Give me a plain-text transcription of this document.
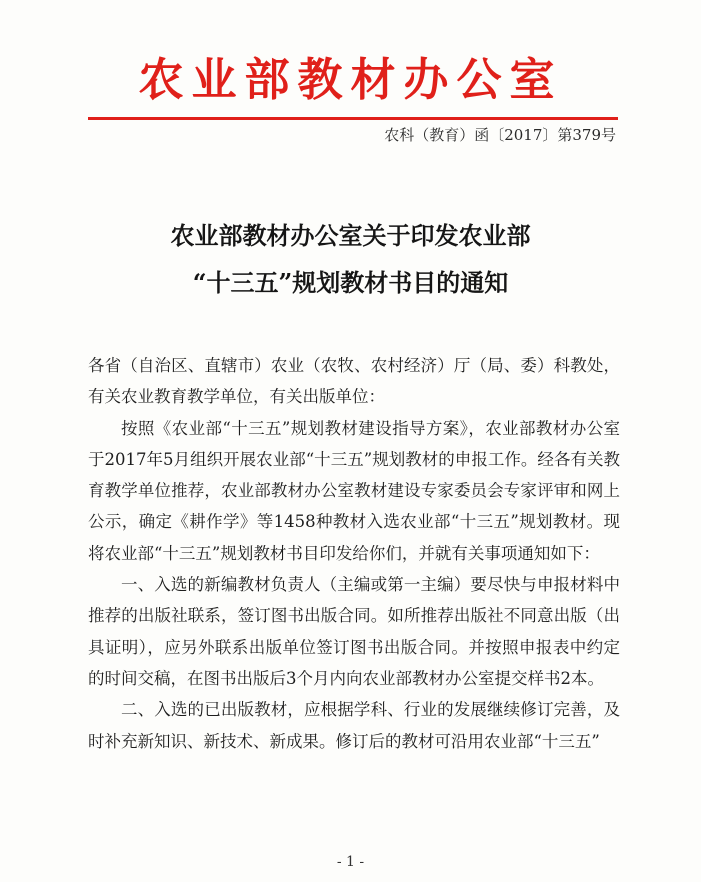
农业部教材办公室
农科（教育）函〔2017〕第379号
农业部教材办公室关于印发农业部
“十三五”规划教材书目的通知

各省（自治区、直辖市）农业（农牧、农村经济）厅（局、委）科教处，有关农业教育教学单位，有关出版单位：

按照《农业部“十三五”规划教材建设指导方案》，农业部教材办公室于2017年5月组织开展农业部“十三五”规划教材的申报工作。经各有关教育教学单位推荐，农业部教材办公室教材建设专家委员会专家评审和网上公示，确定《耕作学》等1458种教材入选农业部“十三五”规划教材。现将农业部“十三五”规划教材书目印发给你们，并就有关事项通知如下：

一、入选的新编教材负责人（主编或第一主编）要尽快与申报材料中推荐的出版社联系，签订图书出版合同。如所推荐出版社不同意出版（出具证明），应另外联系出版单位签订图书出版合同。并按照申报表中约定的时间交稿，在图书出版后3个月内向农业部教材办公室提交样书2本。

二、入选的已出版教材，应根据学科、行业的发展继续修订完善，及时补充新知识、新技术、新成果。修订后的教材可沿用农业部“十三五”

- 1 -
